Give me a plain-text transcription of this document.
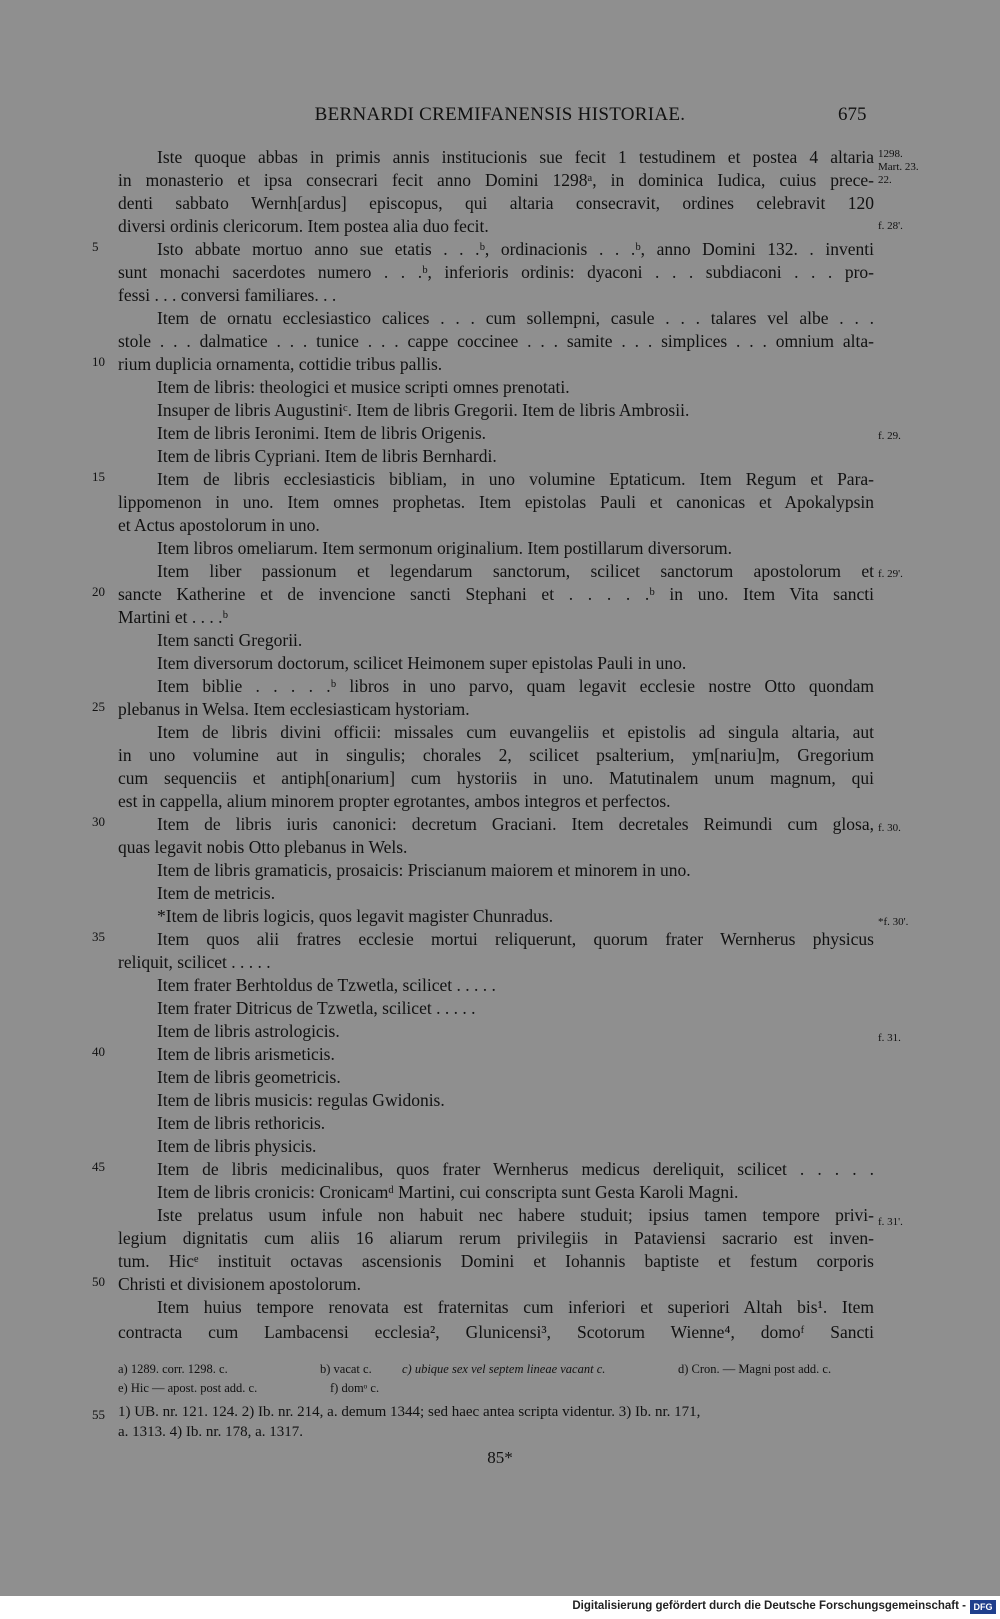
BERNARDI CREMIFANENSIS HISTORIAE.	675
Iste quoque abbas in primis annis institucionis sue fecit 1 testudinem et postea 4 altaria
in monasterio et ipsa consecrari fecit anno Domini 1298ᵃ, in dominica Iudica, cuius prece-
denti sabbato Wernh[ardus] episcopus, qui altaria consecravit, ordines celebravit 120
diversi ordinis clericorum. Item postea alia duo fecit.
Isto abbate mortuo anno sue etatis . . .ᵇ, ordinacionis . . .ᵇ, anno Domini 132. . inventi
sunt monachi sacerdotes numero . . .ᵇ, inferioris ordinis: dyaconi . . . subdiaconi . . . pro-
fessi . . . conversi familiares. . .
Item de ornatu ecclesiastico calices . . . cum sollempni, casule . . . talares vel albe . . .
stole . . . dalmatice . . . tunice . . . cappe coccinee . . . samite . . . simplices . . . omnium alta-
rium duplicia ornamenta, cottidie tribus pallis.
Item de libris: theologici et musice scripti omnes prenotati.
Insuper de libris Augustiniᶜ. Item de libris Gregorii. Item de libris Ambrosii.
Item de libris Ieronimi. Item de libris Origenis.
Item de libris Cypriani. Item de libris Bernhardi.
Item de libris ecclesiasticis bibliam, in uno volumine Eptaticum. Item Regum et Para-
lippomenon in uno. Item omnes prophetas. Item epistolas Pauli et canonicas et Apokalypsin
et Actus apostolorum in uno.
Item libros omeliarum. Item sermonum originalium. Item postillarum diversorum.
Item liber passionum et legendarum sanctorum, scilicet sanctorum apostolorum et
sancte Katherine et de invencione sancti Stephani et . . . . .ᵇ in uno. Item Vita sancti
Martini et . . . .ᵇ
Item sancti Gregorii.
Item diversorum doctorum, scilicet Heimonem super epistolas Pauli in uno.
Item biblie . . . . .ᵇ libros in uno parvo, quam legavit ecclesie nostre Otto quondam
plebanus in Welsa. Item ecclesiasticam hystoriam.
Item de libris divini officii: missales cum euvangeliis et epistolis ad singula altaria, aut
in uno volumine aut in singulis; chorales 2, scilicet psalterium, ym[nariu]m, Gregorium
cum sequenciis et antiph[onarium] cum hystoriis in uno. Matutinalem unum magnum, qui
est in cappella, alium minorem propter egrotantes, ambos integros et perfectos.
Item de libris iuris canonici: decretum Graciani. Item decretales Reimundi cum glosa,
quas legavit nobis Otto plebanus in Wels.
Item de libris gramaticis, prosaicis: Priscianum maiorem et minorem in uno.
Item de metricis.
*Item de libris logicis, quos legavit magister Chunradus.
Item quos alii fratres ecclesie mortui reliquerunt, quorum frater Wernherus physicus
reliquit, scilicet . . . . .
Item frater Berhtoldus de Tzwetla, scilicet . . . . .
Item frater Ditricus de Tzwetla, scilicet . . . . .
Item de libris astrologicis.
Item de libris arismeticis.
Item de libris geometricis.
Item de libris musicis: regulas Gwidonis.
Item de libris rethoricis.
Item de libris physicis.
Item de libris medicinalibus, quos frater Wernherus medicus dereliquit, scilicet . . . . .
Item de libris cronicis: Cronicamᵈ Martini, cui conscripta sunt Gesta Karoli Magni.
Iste prelatus usum infule non habuit nec habere studuit; ipsius tamen tempore privi-
legium dignitatis cum aliis 16 aliarum rerum privilegiis in Pataviensi sacrario est inven-
tum. Hicᵉ instituit octavas ascensionis Domini et Iohannis baptiste et festum corporis
Christi et divisionem apostolorum.
Item huius tempore renovata est fraternitas cum inferiori et superiori Altah bis¹. Item
contracta cum Lambacensi ecclesia², Glunicensi³, Scotorum Wienne⁴, domoᶠ Sancti
5
10
15
20
25
30
35
40
45
50
1298.
Mart. 23.
22.
f. 28'.
f. 29.
f. 29'.
f. 30.
*f. 30'.
f. 31.
f. 31'.
a) 1289. corr. 1298. c.	b) vacat c. c) ubique sex vel septem lineae vacant c.	d) Cron. — Magni post add. c.
e) Hic — apost. post add. c.	f) domᵒ c.
55 1) UB. nr. 121. 124. 2) Ib. nr. 214, a. demum 1344; sed haec antea scripta videntur. 3) Ib. nr. 171,
a. 1313. 4) Ib. nr. 178, a. 1317.
85*
Digitalisierung gefördert durch die Deutsche Forschungsgemeinschaft - DFG
